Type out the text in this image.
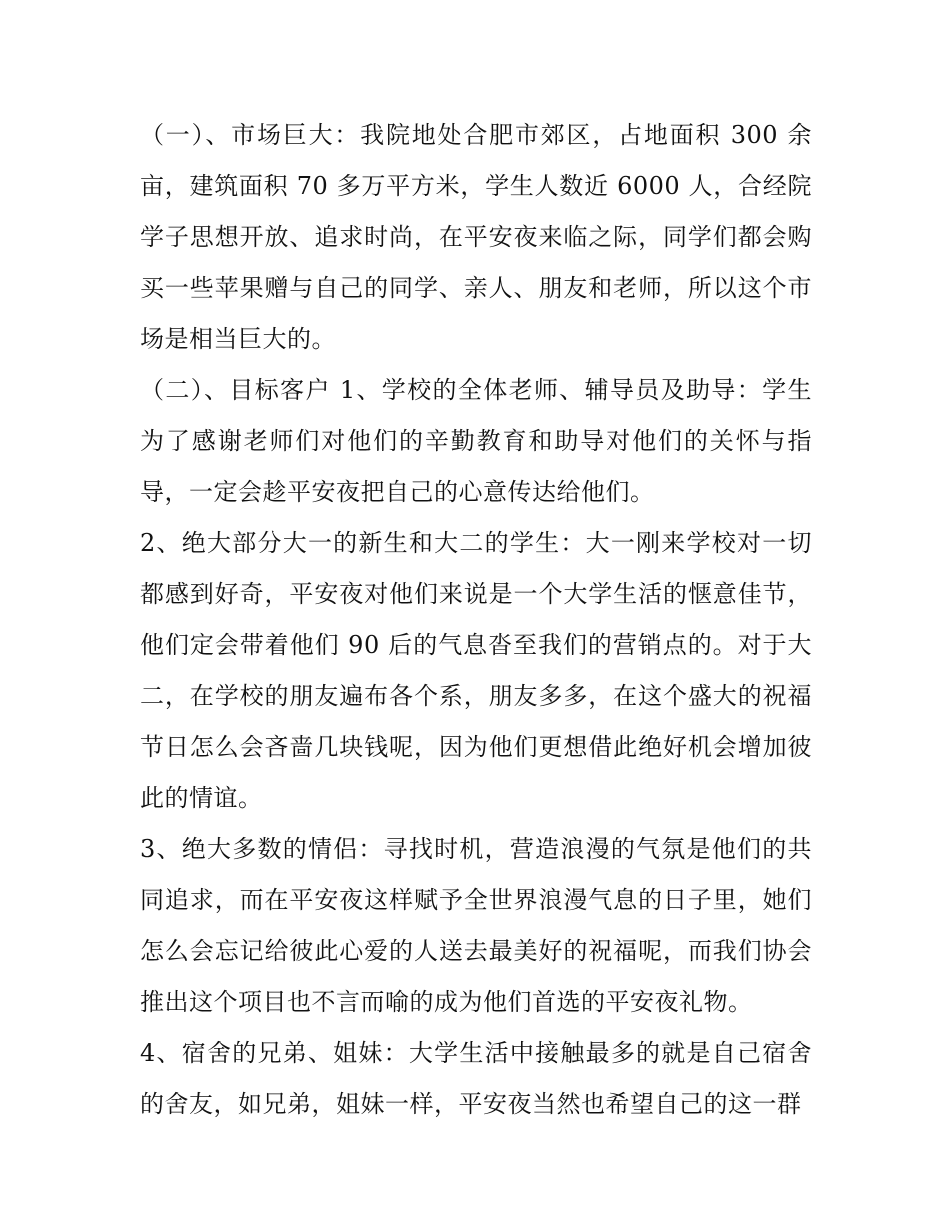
（一）、市场巨大：我院地处合肥市郊区，占地面积 300 余亩，建筑面积 70 多万平方米，学生人数近 6000 人，合经院学子思想开放、追求时尚，在平安夜来临之际，同学们都会购买一些苹果赠与自己的同学、亲人、朋友和老师，所以这个市场是相当巨大的。

（二）、目标客户 1、学校的全体老师、辅导员及助导：学生为了感谢老师们对他们的辛勤教育和助导对他们的关怀与指导，一定会趁平安夜把自己的心意传达给他们。

2、绝大部分大一的新生和大二的学生：大一刚来学校对一切都感到好奇，平安夜对他们来说是一个大学生活的惬意佳节，他们定会带着他们 90 后的气息沓至我们的营销点的。对于大二，在学校的朋友遍布各个系，朋友多多，在这个盛大的祝福节日怎么会吝啬几块钱呢，因为他们更想借此绝好机会增加彼此的情谊。

3、绝大多数的情侣：寻找时机，营造浪漫的气氛是他们的共同追求，而在平安夜这样赋予全世界浪漫气息的日子里，她们怎么会忘记给彼此心爱的人送去最美好的祝福呢，而我们协会推出这个项目也不言而喻的成为他们首选的平安夜礼物。

4、宿舍的兄弟、姐妹：大学生活中接触最多的就是自己宿舍的舍友，如兄弟，姐妹一样，平安夜当然也希望自己的这一群
